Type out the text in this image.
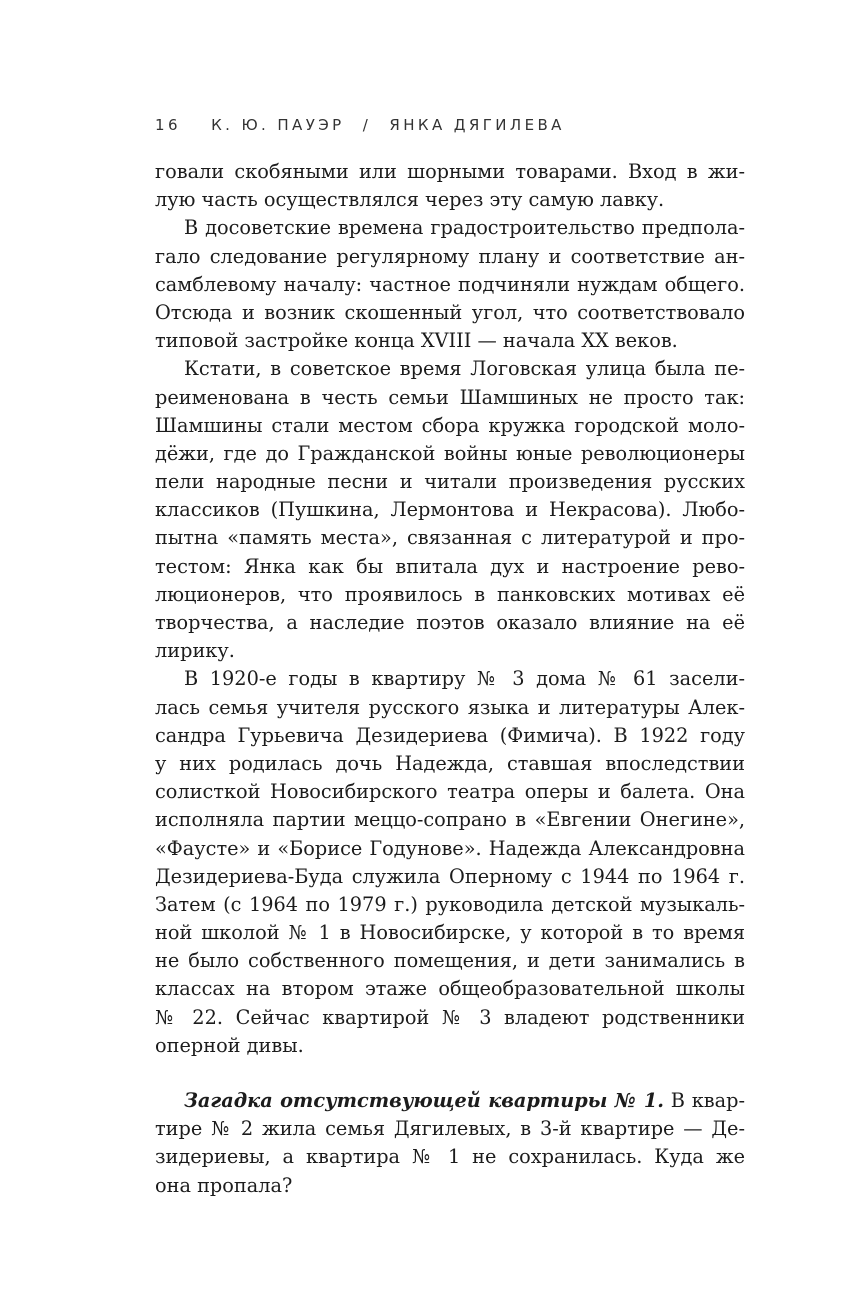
16 К. Ю. ПАУЭР / ЯНКА ДЯГИЛЕВА
говали скобяными или шорными товарами. Вход в жи-
лую часть осуществлялся через эту самую лавку.
В досоветские времена градостроительство предпола-
гало следование регулярному плану и соответствие ан-
самблевому началу: частное подчиняли нуждам общего.
Отсюда и возник скошенный угол, что соответствовало
типовой застройке конца XVIII — начала XX веков.
Кстати, в советское время Логовская улица была пе-
реименована в честь семьи Шамшиных не просто так:
Шамшины стали местом сбора кружка городской моло-
дёжи, где до Гражданской войны юные революционеры
пели народные песни и читали произведения русских
классиков (Пушкина, Лермонтова и Некрасова). Любо-
пытна «память места», связанная с литературой и про-
тестом: Янка как бы впитала дух и настроение рево-
люционеров, что проявилось в панковских мотивах её
творчества, а наследие поэтов оказало влияние на её
лирику.
В 1920-е годы в квартиру № 3 дома № 61 засели-
лась семья учителя русского языка и литературы Алек-
сандра Гурьевича Дезидериева (Фимича). В 1922 году
у них родилась дочь Надежда, ставшая впоследствии
солисткой Новосибирского театра оперы и балета. Она
исполняла партии меццо-сопрано в «Евгении Онегине»,
«Фаусте» и «Борисе Годунове». Надежда Александровна
Дезидериева-Буда служила Оперному с 1944 по 1964 г.
Затем (с 1964 по 1979 г.) руководила детской музыкаль-
ной школой № 1 в Новосибирске, у которой в то время
не было собственного помещения, и дети занимались в
классах на втором этаже общеобразовательной школы
№ 22. Сейчас квартирой № 3 владеют родственники
оперной дивы.
Загадка отсутствующей квартиры № 1. В квар-
тире № 2 жила семья Дягилевых, в 3-й квартире — Де-
зидериевы, а квартира № 1 не сохранилась. Куда же
она пропала?
